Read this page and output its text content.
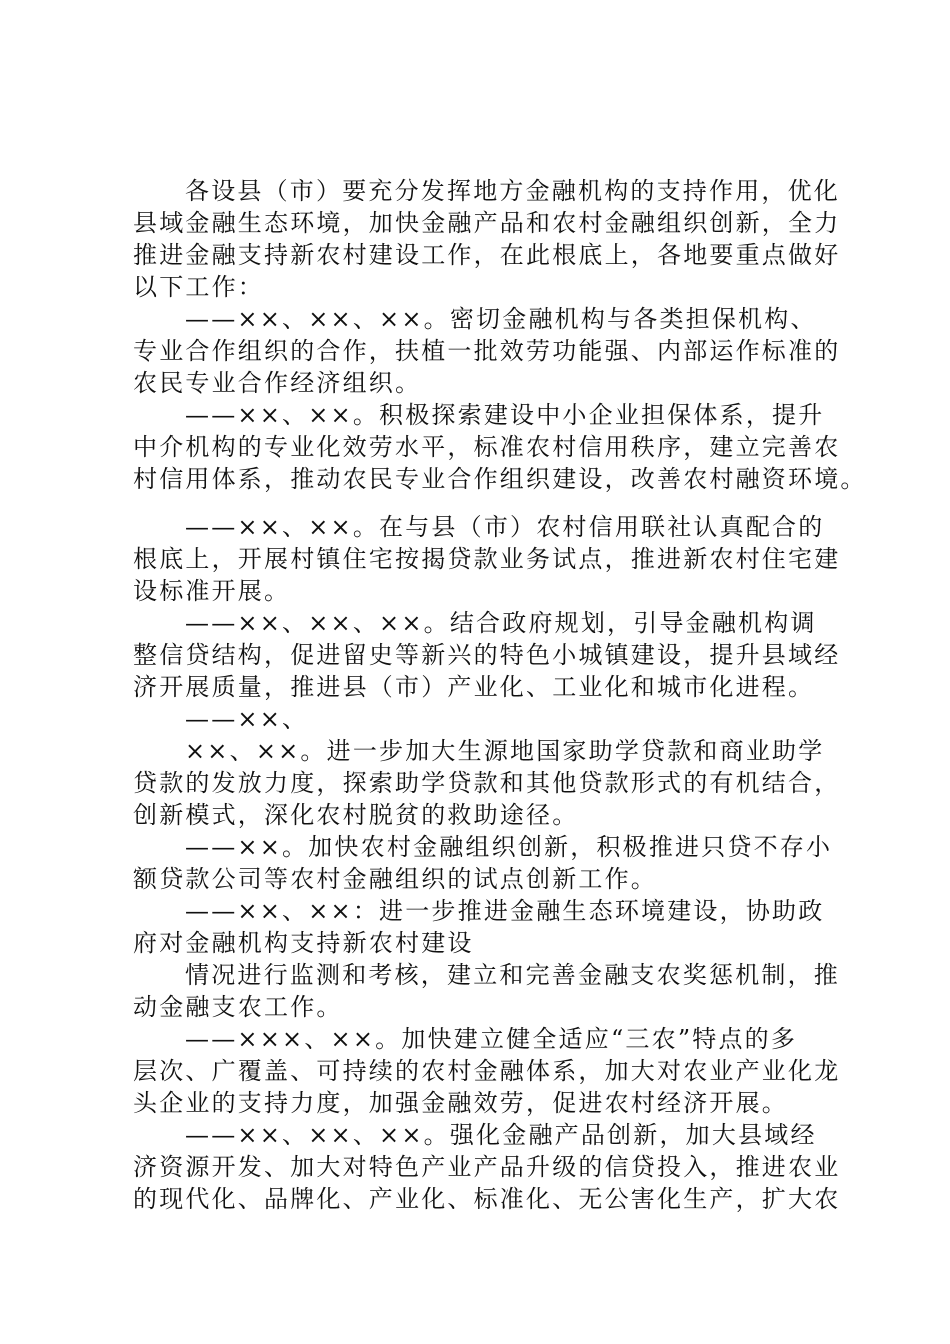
各设县（市）要充分发挥地方金融机构的支持作用，优化
县域金融生态环境，加快金融产品和农村金融组织创新，全力
推进金融支持新农村建设工作，在此根底上，各地要重点做好
以下工作：
——××、××、××。密切金融机构与各类担保机构、
专业合作组织的合作，扶植一批效劳功能强、内部运作标准的
农民专业合作经济组织。
——××、××。积极探索建设中小企业担保体系，提升
中介机构的专业化效劳水平，标准农村信用秩序，建立完善农
村信用体系，推动农民专业合作组织建设，改善农村融资环境。
——××、××。在与县（市）农村信用联社认真配合的
根底上，开展村镇住宅按揭贷款业务试点，推进新农村住宅建
设标准开展。
——××、××、××。结合政府规划，引导金融机构调
整信贷结构，促进留史等新兴的特色小城镇建设，提升县域经
济开展质量，推进县（市）产业化、工业化和城市化进程。
——××、
××、××。进一步加大生源地国家助学贷款和商业助学
贷款的发放力度，探索助学贷款和其他贷款形式的有机结合，
创新模式，深化农村脱贫的救助途径。
——××。加快农村金融组织创新，积极推进只贷不存小
额贷款公司等农村金融组织的试点创新工作。
——××、××：进一步推进金融生态环境建设，协助政
府对金融机构支持新农村建设
情况进行监测和考核，建立和完善金融支农奖惩机制，推
动金融支农工作。
——×××、××。加快建立健全适应“三农”特点的多
层次、广覆盖、可持续的农村金融体系，加大对农业产业化龙
头企业的支持力度，加强金融效劳，促进农村经济开展。
——××、××、××。强化金融产品创新，加大县域经
济资源开发、加大对特色产业产品升级的信贷投入，推进农业
的现代化、品牌化、产业化、标准化、无公害化生产，扩大农
